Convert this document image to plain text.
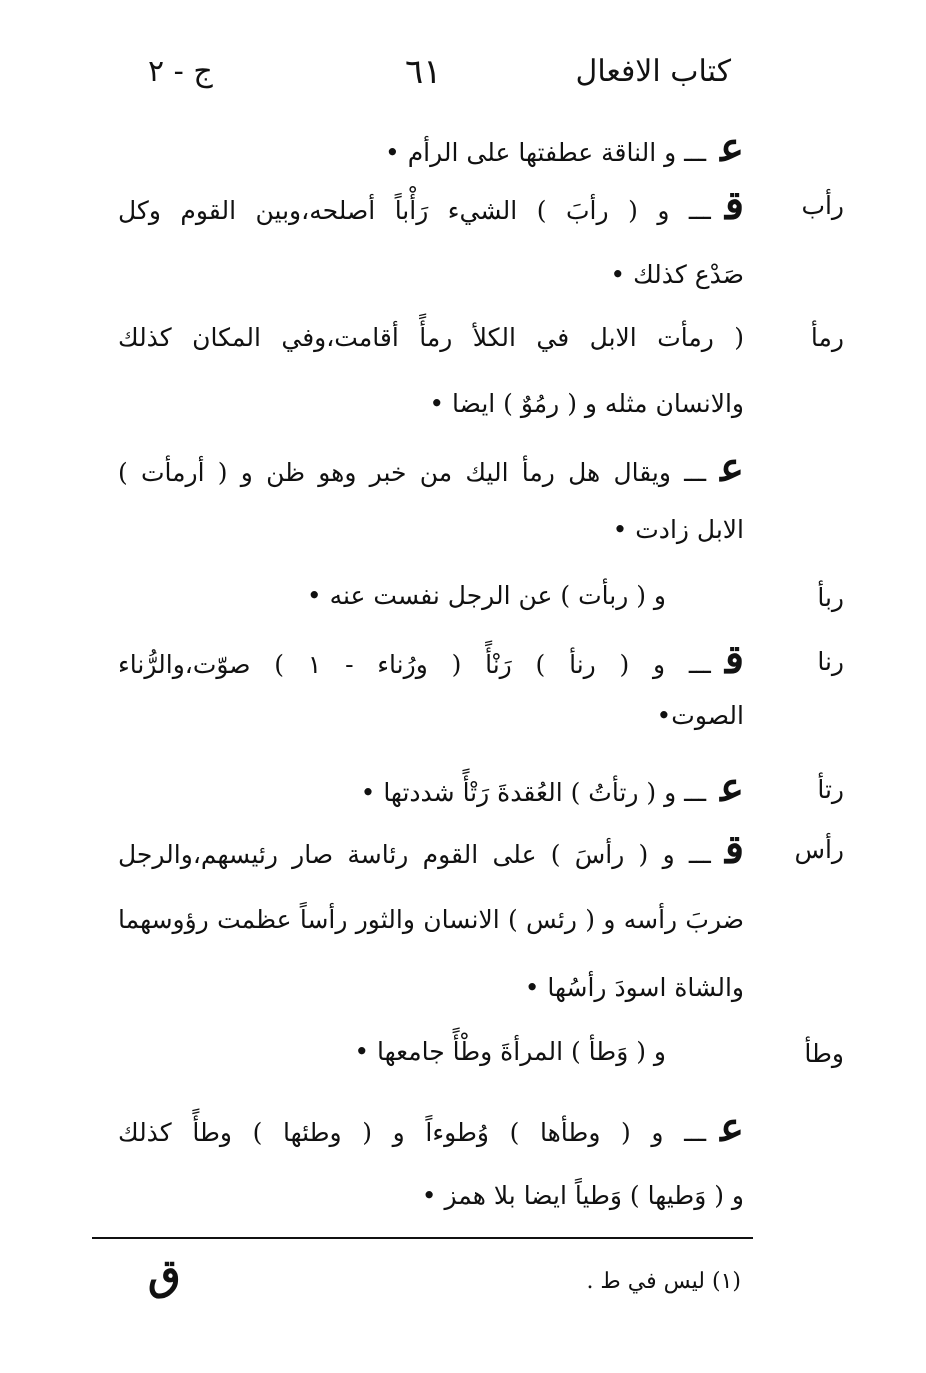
كتاب الافعال
٦١
ج - ٢
عـــ و الناقة عطفتها على الرأم •
رأب
قـــ و ( رأبَ ) الشيء رَأْباً أصلحه،وبين القوم وكل
صَدْع كذلك •
رمأ
( رمأت الابل في الكلأ رمأً أقامت،وفي المكان كذلك
والانسان مثله و ( رمُوٌ ) ايضا •
عـــ ويقال هل رمأ اليك من خبر وهو ظن و ( أرمأت )
الابل زادت •
ربأ
و ( ربأت ) عن الرجل نفست عنه •
رنا
قـــ و ( رنأ ) رَنْأً ( ورُناء - ١ ) صوّت،والرُّناء
الصوت•
رتأ
عـــ و ( رتأتُ ) العُقدةَ رَتْأً شددتها •
رأس
قـــ و ( رأسَ ) على القوم رئاسة صار رئيسهم،والرجل
ضربَ رأسه و ( رئس ) الانسان والثور رأساً عظمت رؤوسهما
والشاة اسودَ رأسُها •
وطأ
و ( وَطأ ) المرأةَ وطْأً جامعها •
عـــ و ( وطأها ) وُطوءاً و ( وطئها ) وطأً كذلك
و ( وَطيها ) وَطياً ايضا بلا همز •
(١) ليس في ط .
ق
